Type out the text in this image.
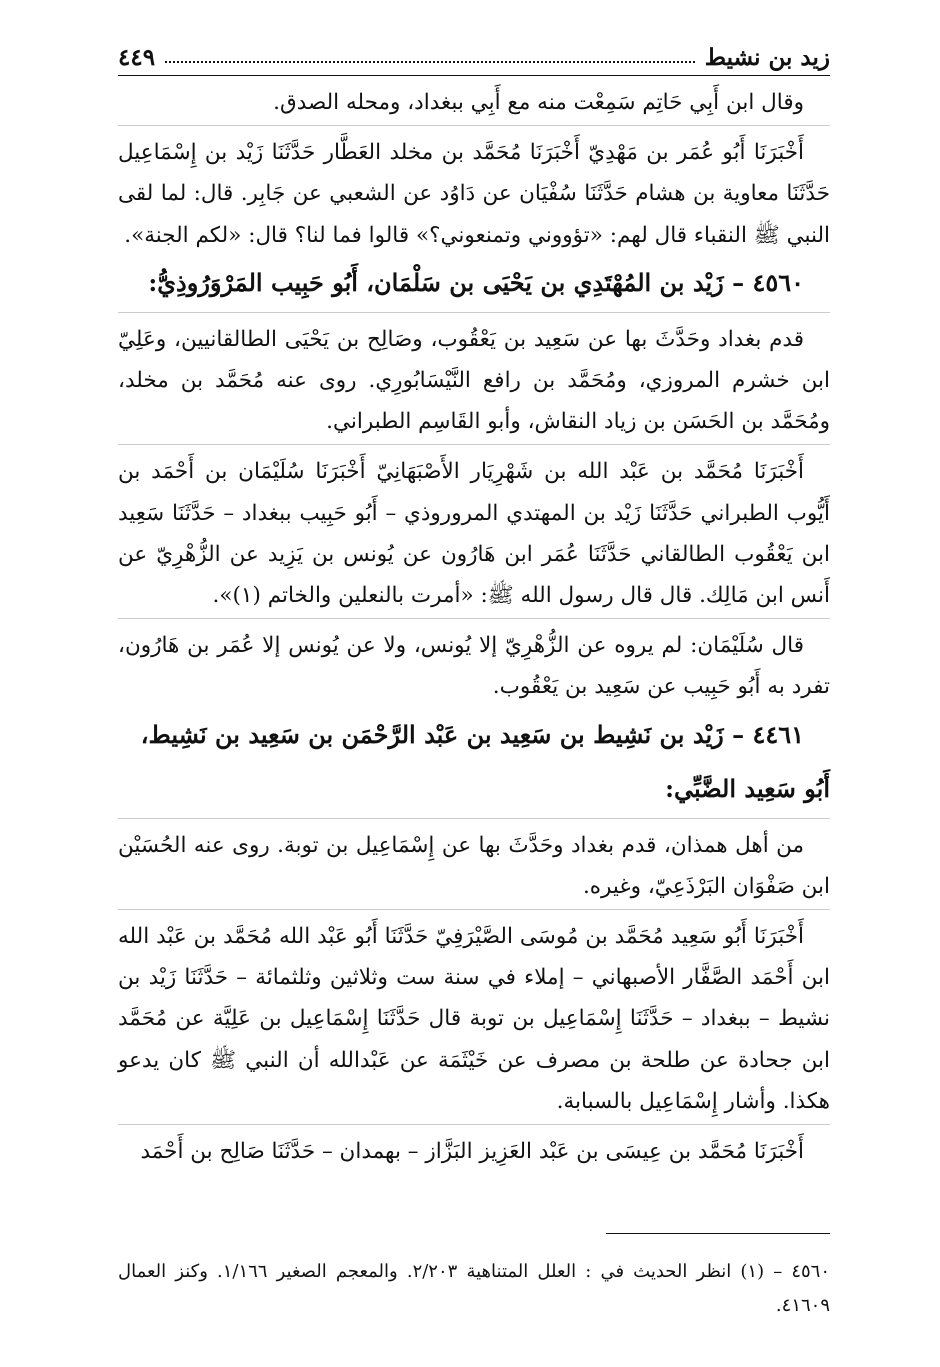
زيد بن نشيط
٤٤٩

وقال ابن أَبِي حَاتِم سَمِعْت منه مع أَبِي ببغداد، ومحله الصدق.

أَخْبَرَنَا أَبُو عُمَر بن مَهْدِيّ أَخْبَرَنَا مُحَمَّد بن مخلد العَطَّار حَدَّثَنَا زَيْد بن إِسْمَاعِيل حَدَّثَنَا معاوية بن هشام حَدَّثَنَا سُفْيَان عن دَاوُد عن الشعبي عن جَابِر. قال: لما لقى النبي ﷺ النقباء قال لهم: «تؤووني وتمنعوني؟» قالوا فما لنا؟ قال: «لكم الجنة».

٤٥٦٠ – زَيْد بن المُهْتَدِي بن يَحْيَى بن سَلْمَان، أَبُو حَبِيب المَرْوَرُوذِيُّ:

قدم بغداد وحَدَّثَ بها عن سَعِيد بن يَعْقُوب، وصَالِح بن يَحْيَى الطالقانيين، وعَلِيّ ابن خشرم المروزي، ومُحَمَّد بن رافع النَّيْسَابُورِي. روى عنه مُحَمَّد بن مخلد، ومُحَمَّد بن الحَسَن بن زياد النقاش، وأبو القَاسِم الطبراني.

أَخْبَرَنَا مُحَمَّد بن عَبْد الله بن شَهْرِيَار الأَصْبَهَانِيّ أَخْبَرَنَا سُلَيْمَان بن أَحْمَد بن أَيُّوب الطبراني حَدَّثَنَا زَيْد بن المهتدي المروروذي – أَبُو حَبِيب ببغداد – حَدَّثَنَا سَعِيد ابن يَعْقُوب الطالقاني حَدَّثَنَا عُمَر ابن هَارُون عن يُونس بن يَزِيد عن الزُّهْرِيّ عن أَنس ابن مَالِك. قال قال رسول الله ﷺ: «أمرت بالنعلين والخاتم (١)».

قال سُلَيْمَان: لم يروه عن الزُّهْرِيّ إلا يُونس، ولا عن يُونس إلا عُمَر بن هَارُون، تفرد به أَبُو حَبِيب عن سَعِيد بن يَعْقُوب.

٤٤٦١ – زَيْد بن نَشِيط بن سَعِيد بن عَبْد الرَّحْمَن بن سَعِيد بن نَشِيط، أَبُو سَعِيد الضَّبِّي:

من أهل همذان، قدم بغداد وحَدَّثَ بها عن إِسْمَاعِيل بن توبة. روى عنه الحُسَيْن ابن صَفْوَان البَرْذَعِيّ، وغيره.

أَخْبَرَنَا أَبُو سَعِيد مُحَمَّد بن مُوسَى الصَّيْرَفِيّ حَدَّثَنَا أَبُو عَبْد الله مُحَمَّد بن عَبْد الله ابن أَحْمَد الصَّفَّار الأصبهاني – إملاء في سنة ست وثلاثين وثلثمائة – حَدَّثَنَا زَيْد بن نشيط – ببغداد – حَدَّثَنَا إِسْمَاعِيل بن توبة قال حَدَّثَنَا إِسْمَاعِيل بن عَلِيَّة عن مُحَمَّد ابن جحادة عن طلحة بن مصرف عن خَيْثَمَة عن عَبْدالله أن النبي ﷺ كان يدعو هكذا. وأشار إِسْمَاعِيل بالسبابة.

أَخْبَرَنَا مُحَمَّد بن عِيسَى بن عَبْد العَزِيز البَزَّاز – بهمدان – حَدَّثَنَا صَالِح بن أَحْمَد

٤٥٦٠ – (١) انظر الحديث في : العلل المتناهية ٢/٢٠٣. والمعجم الصغير ١/١٦٦. وكنز العمال ٤١٦٠٩.
